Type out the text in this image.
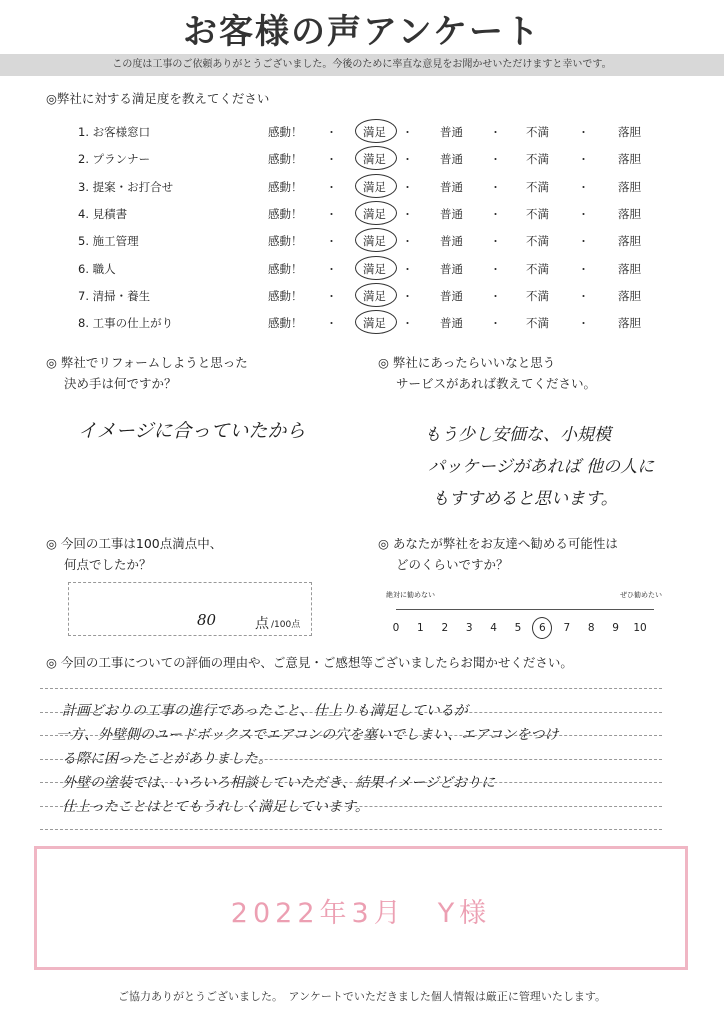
お客様の声アンケート
この度は工事のご依頼ありがとうございました。今後のために率直な意見をお聞かせいただけますと幸いです。
◎弊社に対する満足度を教えてください
1. お客様窓口	感動！	満足	普通	不満	落胆
・	・	・	・
2. プランナー	感動！	満足	普通	不満	落胆
・	・	・	・
3. 提案・お打合せ	感動！	満足	普通	不満	落胆
・	・	・	・
4. 見積書	感動！	満足	普通	不満	落胆
・	・	・	・
5. 施工管理	感動！	満足	普通	不満	落胆
・	・	・	・
6. 職人	感動！	満足	普通	不満	落胆
・	・	・	・
7. 清掃・養生	感動！	満足	普通	不満	落胆
・	・	・	・
8. 工事の仕上がり	感動！	満足	普通	不満	落胆
・	・	・	・
◎ 弊社でリフォームしようと思った
決め手は何ですか？
イメージに合っていたから
◎ 弊社にあったらいいなと思う
サービスがあれば教えてください。
もう少し安価な、小規模
パッケージがあれば 他の人に
もすすめると思います。
◎ 今回の工事は100点満点中、
何点でしたか？
80	点 /100点
◎ あなたが弊社をお友達へ勧める可能性は
どのくらいですか？
絶対に勧めない	ぜひ勧めたい
0	1	2	3	4	5	6	7	8	9	10
◎ 今回の工事についての評価の理由や、ご意見・ご感想等ございましたらお聞かせください。
計画どおりの工事の進行であったこと、仕上りも満足しているが
一方、外壁側のユードボックスでエアコンの穴を塞いでしまい、エアコンをつけ
る際に困ったことがありました。
外壁の塗装では、いろいろ相談していただき、結果イメージどおりに
仕上ったことはとてもうれしく満足しています。
2022年3月　Y様
ご協力ありがとうございました。　アンケートでいただきました個人情報は厳正に管理いたします。
